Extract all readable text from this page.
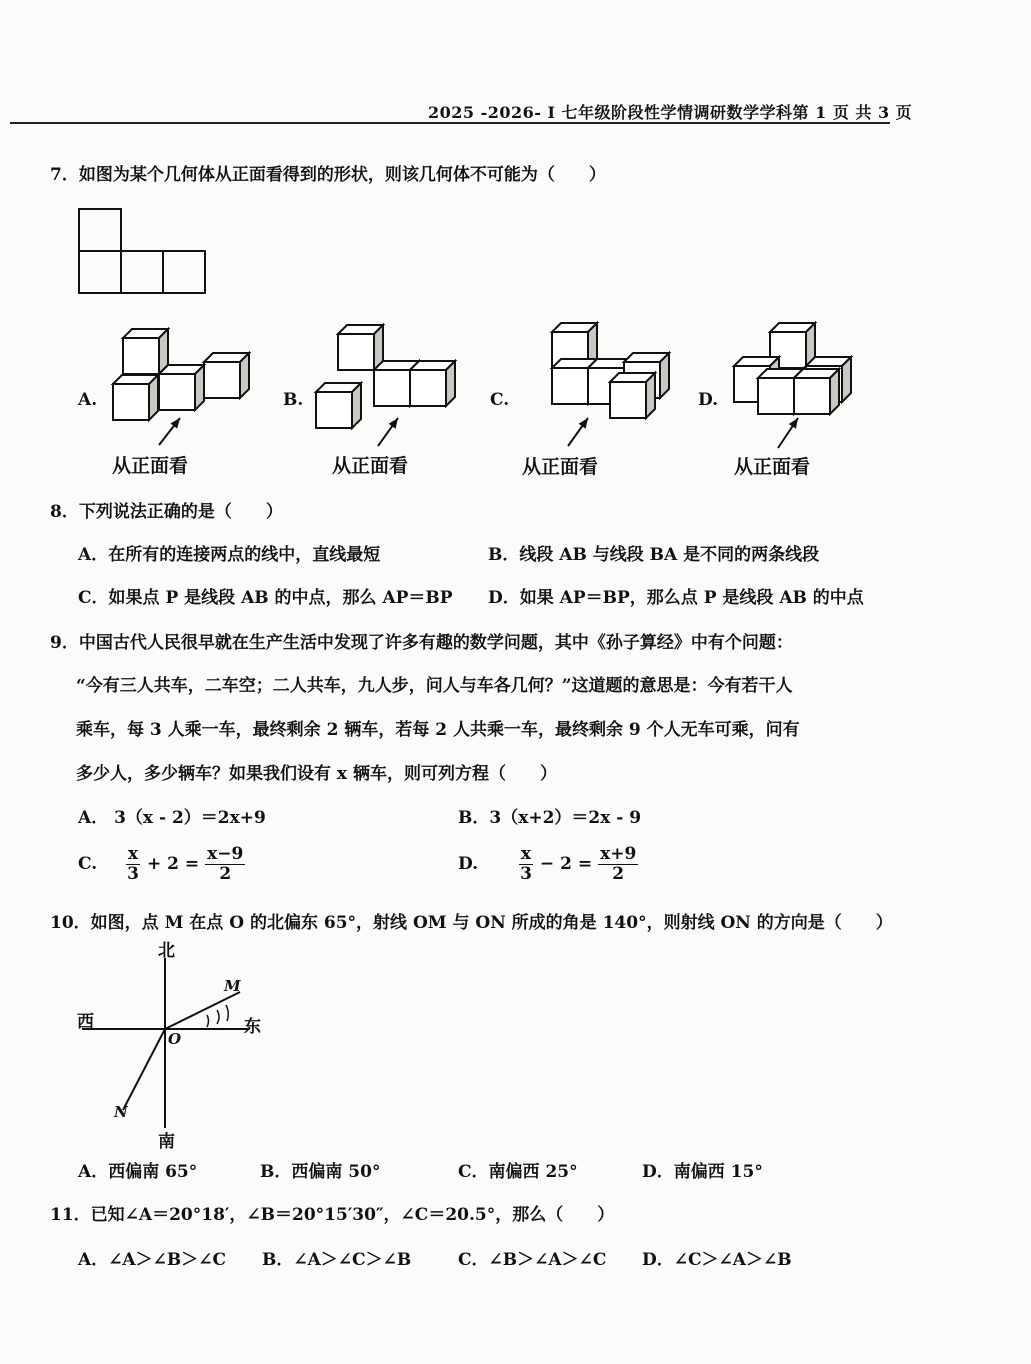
2025 -2026- I 七年级阶段性学情调研数学学科第 1 页 共 3 页
7．如图为某个几何体从正面看得到的形状，则该几何体不可能为（　　）
A.	B.	C.	D.
从正面看	从正面看	从正面看	从正面看
8．下列说法正确的是（　　）
A．在所有的连接两点的线中，直线最短	B．线段 AB 与线段 BA 是不同的两条线段
C．如果点 P 是线段 AB 的中点，那么 AP＝BP D．如果 AP＝BP，那么点 P 是线段 AB 的中点
9．中国古代人民很早就在生产生活中发现了许多有趣的数学问题，其中《孙子算经》中有个问题：
“今有三人共车，二车空；二人共车，九人步，问人与车各几何？”这道题的意思是：今有若干人
乘车，每 3 人乘一车，最终剩余 2 辆车，若每 2 人共乘一车，最终剩余 9 个人无车可乘，问有
多少人，多少辆车？如果我们设有 x 辆车，则可列方程（　　）
A． 3（x - 2）＝2x+9	B．3（x+2）＝2x - 9
C. $\frac{x}{3} + 2 = \frac{x-9}{2}$	D. $\frac{x}{3} - 2 = \frac{x+9}{2}$
10．如图，点 M 在点 O 的北偏东 65°，射线 OM 与 ON 所成的角是 140°，则射线 ON 的方向是（　　）
北
南
西	东
O
M
N
A．西偏南 65°	B．西偏南 50°	C．南偏西 25°	D．南偏西 15°
11．已知∠A＝20°18′，∠B＝20°15′30″，∠C＝20.5°，那么（　　）
A．∠A＞∠B＞∠C B．∠A＞∠C＞∠B	C．∠B＞∠A＞∠C D．∠C＞∠A＞∠B
